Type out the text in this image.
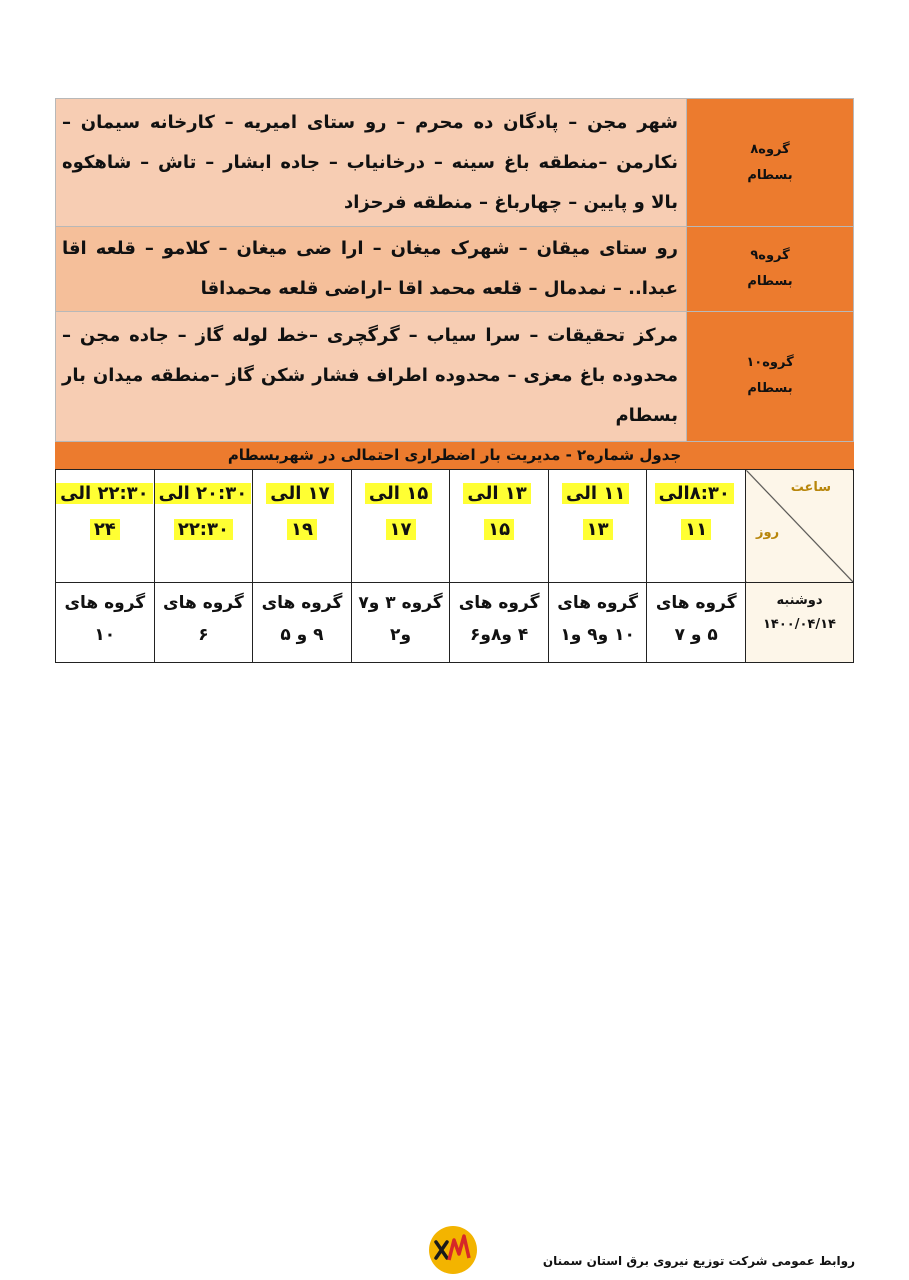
گروه۸
بسطام	شهر مجن – پادگان ده محرم – رو ستای امیریه – کارخانه سیمان – نکارمن –منطقه باغ سینه – درخانیاب – جاده ابشار – تاش – شاهکوه بالا و پایین – چهارباغ – منطقه فرحزاد

گروه۹
بسطام	رو ستای میقان – شهرک میغان – ارا ضی میغان – کلامو – قلعه اقا عبدا.. – نمدمال – قلعه محمد اقا –اراضی قلعه محمداقا

گروه۱۰
بسطام	مرکز تحقیقات – سرا سیاب – گرگچری –خط لوله گاز – جاده مجن – محدوده باغ معزی – محدوده اطراف فشار شکن گاز –منطقه میدان بار بسطام
جدول شماره۲ - مدیریت بار اضطراری احتمالی در شهربسطام
ساعت
روز	۸:۳۰الی ۱۱	۱۱ الی ۱۳	۱۳ الی ۱۵	۱۵ الی ۱۷	۱۷ الی ۱۹	۲۰:۳۰ الی ۲۲:۳۰	۲۲:۳۰ الی ۲۴

دوشنبه
۱۴۰۰/۰۴/۱۴	گروه های ۵ و ۷	گروه های ۱۰ و۹ و۱	گروه های ۴ و۸و۶	گروه ۳ و۷ و۲	گروه های ۹ و ۵	گروه های ۶	گروه های ۱۰
روابط عمومی شرکت توزیع نیروی برق استان سمنان
